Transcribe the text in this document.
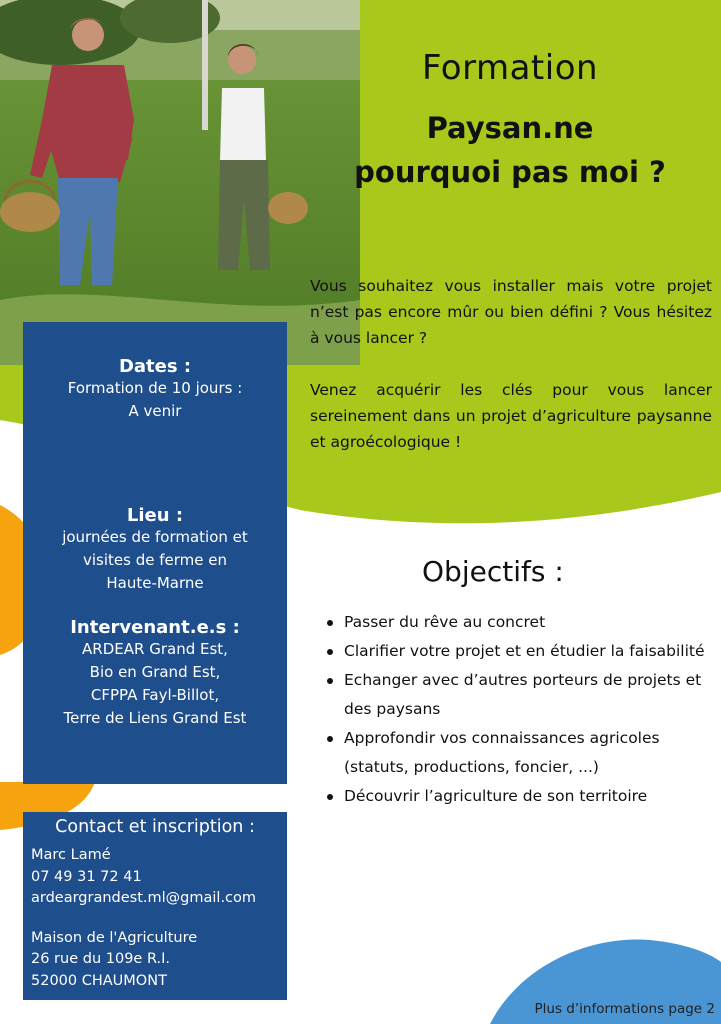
Formation
Paysan.ne
pourquoi pas moi ?

Vous souhaitez vous installer mais votre projet n’est pas encore mûr ou bien défini ? Vous hésitez à vous lancer ?

Venez acquérir les clés pour vous lancer sereinement dans un projet d’agriculture paysanne et agroécologique !

Dates :
Formation de 10 jours :
A venir
Lieu :
journées de formation et
visites de ferme en
Haute-Marne
Intervenant.e.s :
ARDEAR Grand Est,
Bio en Grand Est,
CFPPA Fayl-Billot,
Terre de Liens Grand Est
Contact et inscription :
Marc Lamé
07 49 31 72 41
ardeargrandest.ml@gmail.com
Maison de l'Agriculture
26 rue du 109e R.I.
52000 CHAUMONT
Objectifs :
Passer du rêve au concret
Clarifier votre projet et en étudier la faisabilité
Echanger avec d’autres porteurs de projets et des paysans
Approfondir vos connaissances agricoles (statuts, productions, foncier, ...)
Découvrir l’agriculture de son territoire
Plus d’informations page 2
